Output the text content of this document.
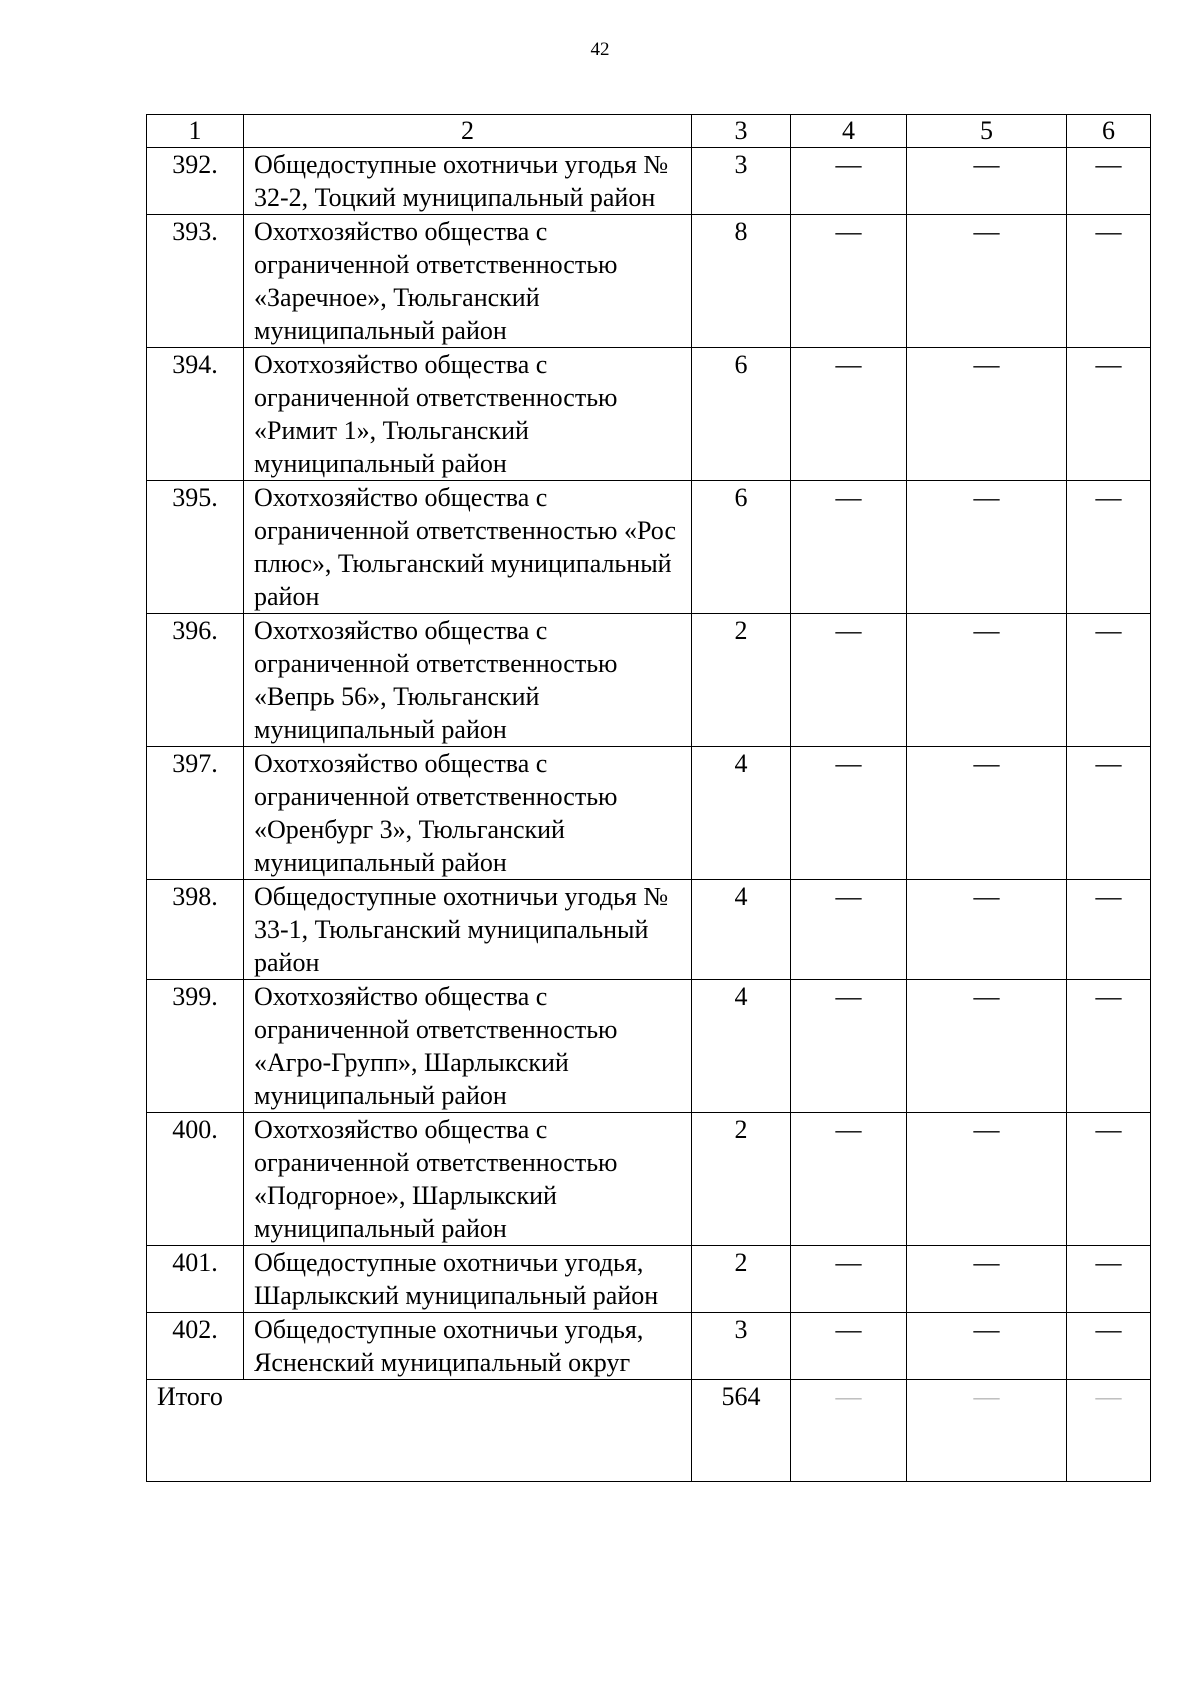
42
1	2	3	4	5	6
392.	Общедоступные охотничьи угодья № 32-2, Тоцкий муниципальный район	3	—	—	—
393.	Охотхозяйство общества с ограниченной ответственностью «Заречное», Тюльганский муниципальный район	8	—	—	—
394.	Охотхозяйство общества с ограниченной ответственностью «Римит 1», Тюльганский муниципальный район	6	—	—	—
395.	Охотхозяйство общества с ограниченной ответственностью «Рос плюс», Тюльганский муниципальный район	6	—	—	—
396.	Охотхозяйство общества с ограниченной ответственностью «Вепрь 56», Тюльганский муниципальный район	2	—	—	—
397.	Охотхозяйство общества с ограниченной ответственностью «Оренбург 3», Тюльганский муниципальный район	4	—	—	—
398.	Общедоступные охотничьи угодья № 33-1, Тюльганский муниципальный район	4	—	—	—
399.	Охотхозяйство общества с ограниченной ответственностью «Агро-Групп», Шарлыкский муниципальный район	4	—	—	—
400.	Охотхозяйство общества с ограниченной ответственностью «Подгорное», Шарлыкский муниципальный район	2	—	—	—
401.	Общедоступные охотничьи угодья, Шарлыкский муниципальный район	2	—	—	—
402.	Общедоступные охотничьи угодья, Ясненский муниципальный округ	3	—	—	—
Итого		564	—	—	—
